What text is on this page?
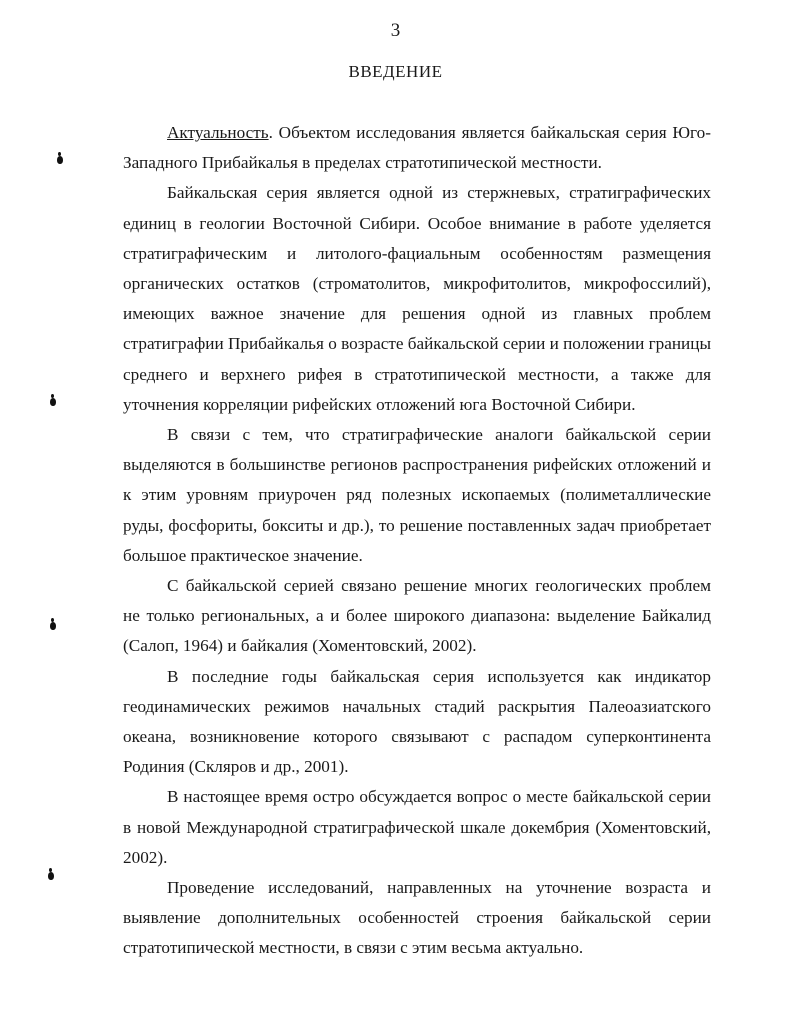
3
ВВЕДЕНИЕ

Актуальность. Объектом исследования является байкальская серия Юго-Западного Прибайкалья в пределах стратотипической местности.

Байкальская серия является одной из стержневых, стратиграфических единиц в геологии Восточной Сибири. Особое внимание в работе уделяется стратиграфическим и литолого-фациальным особенностям размещения органических остатков (строматолитов, микрофитолитов, микрофоссилий), имеющих важное значение для решения одной из главных проблем стратиграфии Прибайкалья о возрасте байкальской серии и положении границы среднего и верхнего рифея в стратотипической местности, а также для уточнения корреляции рифейских отложений юга Восточной Сибири.

В связи с тем, что стратиграфические аналоги байкальской серии выделяются в большинстве регионов распространения рифейских отложений и к этим уровням приурочен ряд полезных ископаемых (полиметаллические руды, фосфориты, бокситы и др.), то решение поставленных задач приобретает большое практическое значение.

С байкальской серией связано решение многих геологических проблем не только региональных, а и более широкого диапазона: выделение Байкалид (Салоп, 1964) и байкалия (Хоментовский, 2002).

В последние годы байкальская серия используется как индикатор геодинамических режимов начальных стадий раскрытия Палеоазиатского океана, возникновение которого связывают с распадом суперконтинента Родиния (Скляров и др., 2001).

В настоящее время остро обсуждается вопрос о месте байкальской серии в новой Международной стратиграфической шкале докембрия (Хоментовский, 2002).

Проведение исследований, направленных на уточнение возраста и выявление дополнительных особенностей строения байкальской серии стратотипической местности, в связи с этим весьма актуально.
